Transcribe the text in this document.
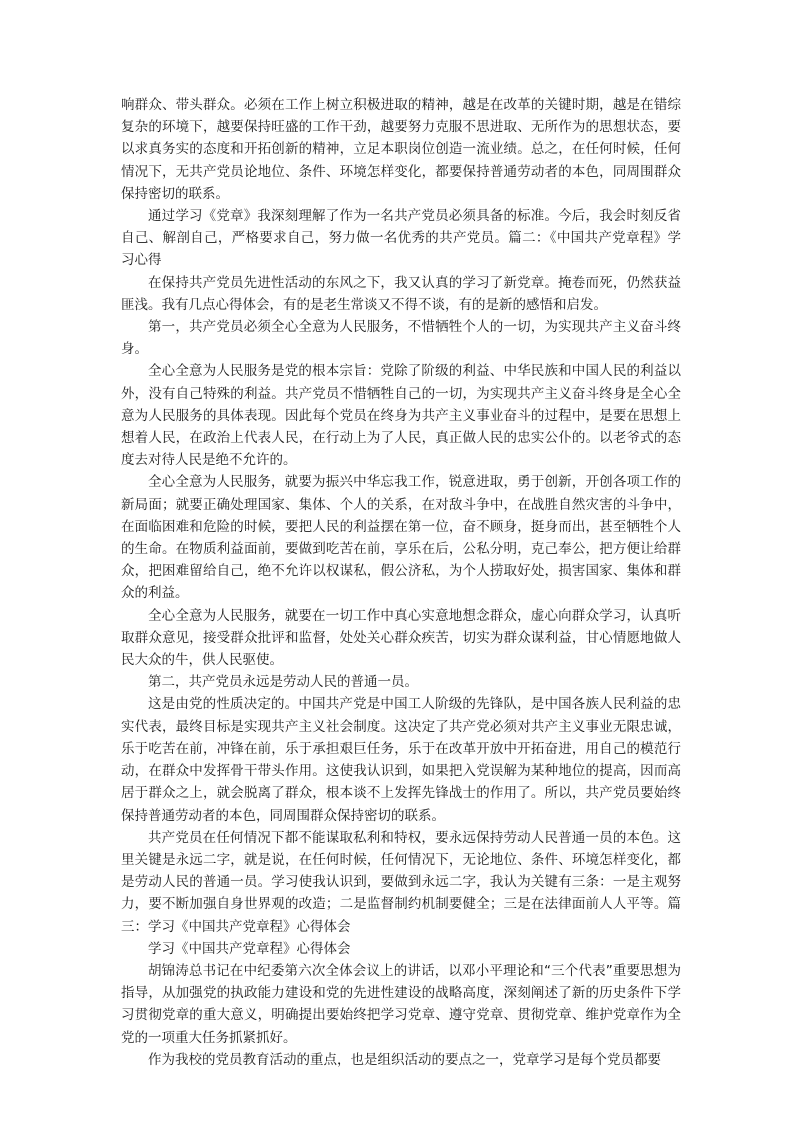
响群众、带头群众。必须在工作上树立积极进取的精神，越是在改革的关键时期，越是在错综复杂的环境下，越要保持旺盛的工作干劲，越要努力克服不思进取、无所作为的思想状态，要以求真务实的态度和开拓创新的精神，立足本职岗位创造一流业绩。总之，在任何时候，任何情况下，无共产党员论地位、条件、环境怎样变化，都要保持普通劳动者的本色，同周围群众保持密切的联系。

通过学习《党章》我深刻理解了作为一名共产党员必须具备的标准。今后，我会时刻反省自己、解剖自己，严格要求自己，努力做一名优秀的共产党员。篇二：《中国共产党章程》学习心得

在保持共产党员先进性活动的东风之下，我又认真的学习了新党章。掩卷而死，仍然获益匪浅。我有几点心得体会，有的是老生常谈又不得不谈，有的是新的感悟和启发。

第一，共产党员必须全心全意为人民服务，不惜牺牲个人的一切，为实现共产主义奋斗终身。

全心全意为人民服务是党的根本宗旨：党除了阶级的利益、中华民族和中国人民的利益以外，没有自己特殊的利益。共产党员不惜牺牲自己的一切，为实现共产主义奋斗终身是全心全意为人民服务的具体表现。因此每个党员在终身为共产主义事业奋斗的过程中，是要在思想上想着人民，在政治上代表人民，在行动上为了人民，真正做人民的忠实公仆的。以老爷式的态度去对待人民是绝不允许的。

全心全意为人民服务，就要为振兴中华忘我工作，锐意进取，勇于创新，开创各项工作的新局面；就要正确处理国家、集体、个人的关系，在对敌斗争中，在战胜自然灾害的斗争中，在面临困难和危险的时候，要把人民的利益摆在第一位，奋不顾身，挺身而出，甚至牺牲个人的生命。在物质利益面前，要做到吃苦在前，享乐在后，公私分明，克己奉公，把方便让给群众，把困难留给自己，绝不允许以权谋私，假公济私，为个人捞取好处，损害国家、集体和群众的利益。

全心全意为人民服务，就要在一切工作中真心实意地想念群众，虚心向群众学习，认真听取群众意见，接受群众批评和监督，处处关心群众疾苦，切实为群众谋利益，甘心情愿地做人民大众的牛，供人民驱使。

第二，共产党员永远是劳动人民的普通一员。

这是由党的性质决定的。中国共产党是中国工人阶级的先锋队，是中国各族人民利益的忠实代表，最终目标是实现共产主义社会制度。这决定了共产党必须对共产主义事业无限忠诚，乐于吃苦在前，冲锋在前，乐于承担艰巨任务，乐于在改革开放中开拓奋进，用自己的模范行动，在群众中发挥骨干带头作用。这使我认识到，如果把入党误解为某种地位的提高，因而高居于群众之上，就会脱离了群众，根本谈不上发挥先锋战士的作用了。所以，共产党员要始终保持普通劳动者的本色，同周围群众保持密切的联系。

共产党员在任何情况下都不能谋取私利和特权，要永远保持劳动人民普通一员的本色。这里关键是永远二字，就是说，在任何时候，任何情况下，无论地位、条件、环境怎样变化，都是劳动人民的普通一员。学习使我认识到，要做到永远二字，我认为关键有三条：一是主观努力，要不断加强自身世界观的改造；二是监督制约机制要健全；三是在法律面前人人平等。篇三：学习《中国共产党章程》心得体会

学习《中国共产党章程》心得体会

胡锦涛总书记在中纪委第六次全体会议上的讲话，以邓小平理论和“三个代表”重要思想为指导，从加强党的执政能力建设和党的先进性建设的战略高度，深刻阐述了新的历史条件下学习贯彻党章的重大意义，明确提出要始终把学习党章、遵守党章、贯彻党章、维护党章作为全党的一项重大任务抓紧抓好。

作为我校的党员教育活动的重点，也是组织活动的要点之一，党章学习是每个党员都要
